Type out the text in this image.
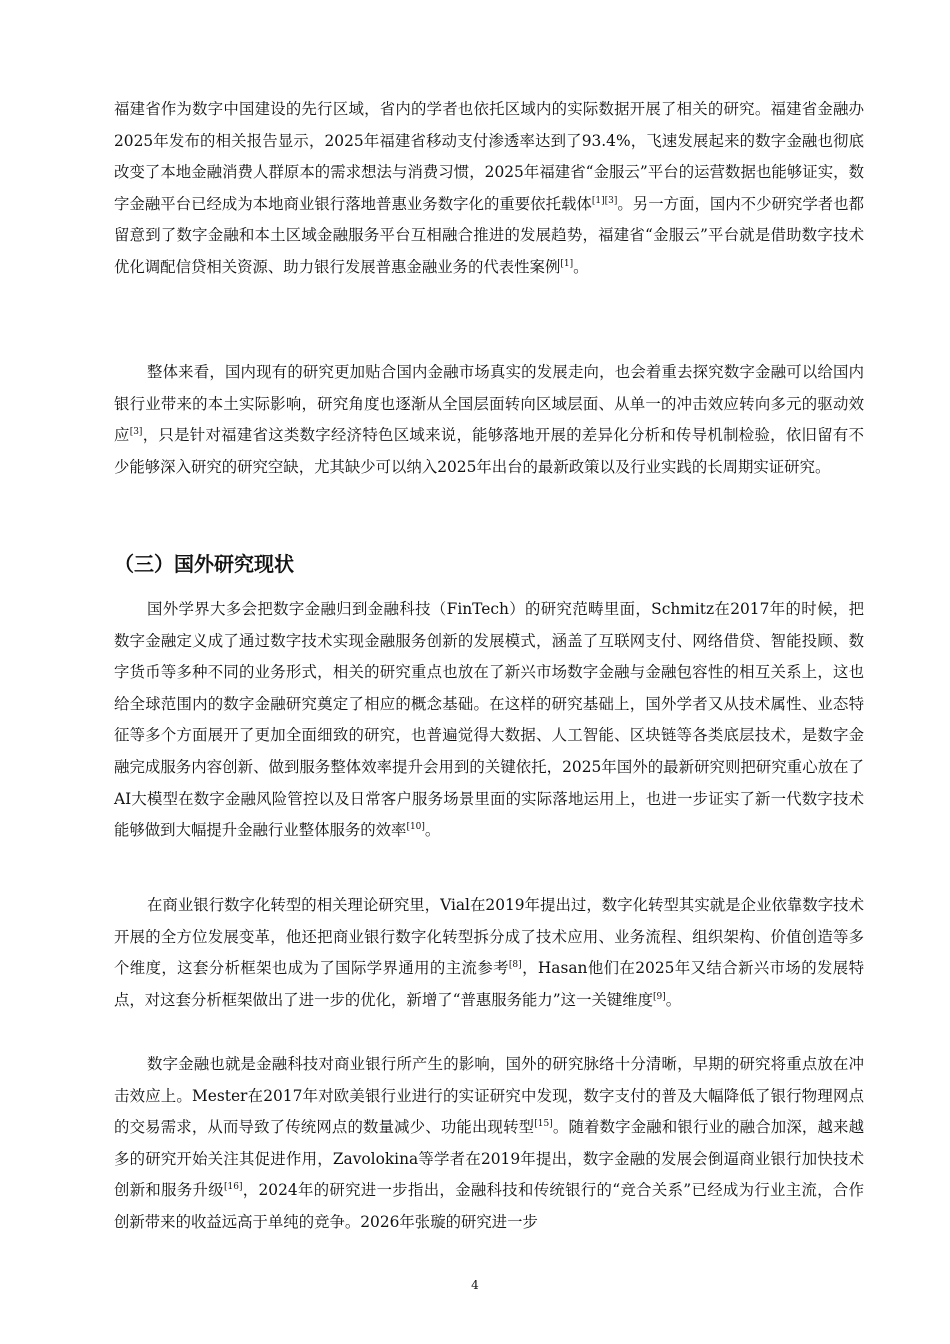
福建省作为数字中国建设的先行区域，省内的学者也依托区域内的实际数据开展了相关的研究。福建省金融办2025年发布的相关报告显示，2025年福建省移动支付渗透率达到了93.4%，飞速发展起来的数字金融也彻底改变了本地金融消费人群原本的需求想法与消费习惯，2025年福建省“金服云”平台的运营数据也能够证实，数字金融平台已经成为本地商业银行落地普惠业务数字化的重要依托载体[1][3]。另一方面，国内不少研究学者也都留意到了数字金融和本土区域金融服务平台互相融合推进的发展趋势，福建省“金服云”平台就是借助数字技术优化调配信贷相关资源、助力银行发展普惠金融业务的代表性案例[1]。

整体来看，国内现有的研究更加贴合国内金融市场真实的发展走向，也会着重去探究数字金融可以给国内银行业带来的本土实际影响，研究角度也逐渐从全国层面转向区域层面、从单一的冲击效应转向多元的驱动效应[3]，只是针对福建省这类数字经济特色区域来说，能够落地开展的差异化分析和传导机制检验，依旧留有不少能够深入研究的研究空缺，尤其缺少可以纳入2025年出台的最新政策以及行业实践的长周期实证研究。

（三）国外研究现状

国外学界大多会把数字金融归到金融科技（FinTech）的研究范畴里面，Schmitz在2017年的时候，把数字金融定义成了通过数字技术实现金融服务创新的发展模式，涵盖了互联网支付、网络借贷、智能投顾、数字货币等多种不同的业务形式，相关的研究重点也放在了新兴市场数字金融与金融包容性的相互关系上，这也给全球范围内的数字金融研究奠定了相应的概念基础。在这样的研究基础上，国外学者又从技术属性、业态特征等多个方面展开了更加全面细致的研究，也普遍觉得大数据、人工智能、区块链等各类底层技术，是数字金融完成服务内容创新、做到服务整体效率提升会用到的关键依托，2025年国外的最新研究则把研究重心放在了AI大模型在数字金融风险管控以及日常客户服务场景里面的实际落地运用上，也进一步证实了新一代数字技术能够做到大幅提升金融行业整体服务的效率[10]。

在商业银行数字化转型的相关理论研究里，Vial在2019年提出过，数字化转型其实就是企业依靠数字技术开展的全方位发展变革，他还把商业银行数字化转型拆分成了技术应用、业务流程、组织架构、价值创造等多个维度，这套分析框架也成为了国际学界通用的主流参考[8]，Hasan他们在2025年又结合新兴市场的发展特点，对这套分析框架做出了进一步的优化，新增了“普惠服务能力”这一关键维度[9]。

数字金融也就是金融科技对商业银行所产生的影响，国外的研究脉络十分清晰，早期的研究将重点放在冲击效应上。Mester在2017年对欧美银行业进行的实证研究中发现，数字支付的普及大幅降低了银行物理网点的交易需求，从而导致了传统网点的数量减少、功能出现转型[15]。随着数字金融和银行业的融合加深，越来越多的研究开始关注其促进作用，Zavolokina等学者在2019年提出，数字金融的发展会倒逼商业银行加快技术创新和服务升级[16]，2024年的研究进一步指出，金融科技和传统银行的“竞合关系”已经成为行业主流，合作创新带来的收益远高于单纯的竞争。2026年张璇的研究进一步

4
